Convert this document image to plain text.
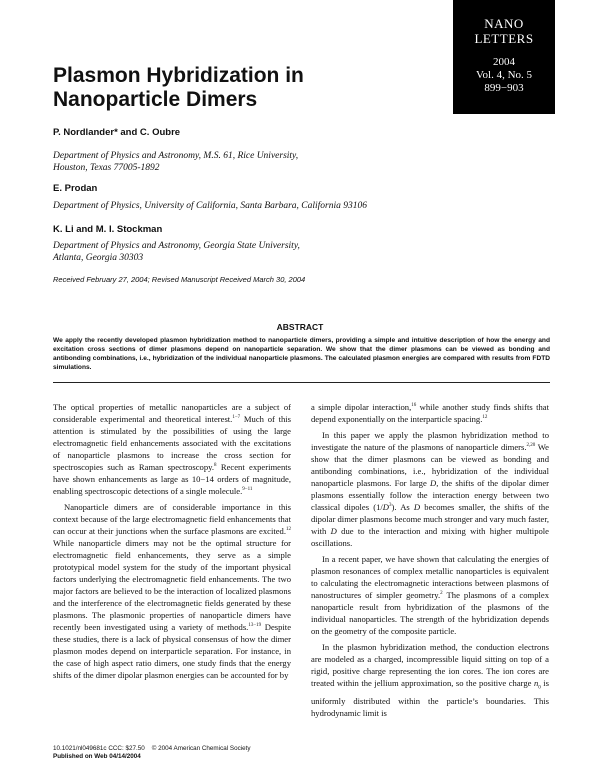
NANO
LETTERS
2004
Vol. 4, No. 5
899−903
Plasmon Hybridization in Nanoparticle Dimers
P. Nordlander* and C. Oubre
Department of Physics and Astronomy, M.S. 61, Rice University,
Houston, Texas 77005-1892
E. Prodan
Department of Physics, University of California, Santa Barbara, California 93106
K. Li and M. I. Stockman
Department of Physics and Astronomy, Georgia State University,
Atlanta, Georgia 30303
Received February 27, 2004; Revised Manuscript Received March 30, 2004
ABSTRACT
We apply the recently developed plasmon hybridization method to nanoparticle dimers, providing a simple and intuitive description of how the energy and excitation cross sections of dimer plasmons depend on nanoparticle separation. We show that the dimer plasmons can be viewed as bonding and antibonding combinations, i.e., hybridization of the individual nanoparticle plasmons. The calculated plasmon energies are compared with results from FDTD simulations.

The optical properties of metallic nanoparticles are a subject of considerable experimental and theoretical interest.$^{1-7}$ Much of this attention is stimulated by the possibilities of using the large electromagnetic field enhancements associated with the excitations of nanoparticle plasmons to increase the cross section for spectroscopies such as Raman spectroscopy.$^8$ Recent experiments have shown enhancements as large as 10−14 orders of magnitude, enabling spectroscopic detections of a single molecule.$^{9-11}$

Nanoparticle dimers are of considerable importance in this context because of the large electromagnetic field enhancements that can occur at their junctions when the surface plasmons are excited.$^{12}$ While nanoparticle dimers may not be the optimal structure for electromagnetic field enhancements, they serve as a simple prototypical model system for the study of the important physical factors underlying the electromagnetic field enhancements. The two major factors are believed to be the interaction of localized plasmons and the interference of the electromagnetic fields generated by these plasmons. The plasmonic properties of nanoparticle dimers have recently been investigated using a variety of methods.$^{13-19}$ Despite these studies, there is a lack of physical consensus of how the dimer plasmon modes depend on interparticle separation. For instance, in the case of high aspect ratio dimers, one study finds that the energy shifts of the dimer dipolar plasmon energies can be accounted for by

a simple dipolar interaction,$^{16}$ while another study finds shifts that depend exponentially on the interparticle spacing.$^{12}$

In this paper we apply the plasmon hybridization method to investigate the nature of the plasmons of nanoparticle dimers.$^{2,20}$ We show that the dimer plasmons can be viewed as bonding and antibonding combinations, i.e., hybridization of the individual nanoparticle plasmons. For large D, the shifts of the dipolar dimer plasmons essentially follow the interaction energy between two classical dipoles $(1/D^3)$. As D becomes smaller, the shifts of the dipolar dimer plasmons become much stronger and vary much faster, with D due to the interaction and mixing with higher multipole oscillations.

In a recent paper, we have shown that calculating the energies of plasmon resonances of complex metallic nanoparticles is equivalent to calculating the electromagnetic interactions between plasmons of nanostructures of simpler geometry.$^2$ The plasmons of a complex nanoparticle result from hybridization of the plasmons of the individual nanoparticles. The strength of the hybridization depends on the geometry of the composite particle.

In the plasmon hybridization method, the conduction electrons are modeled as a charged, incompressible liquid sitting on top of a rigid, positive charge representing the ion cores. The ion cores are treated within the jellium approximation, so the positive charge $n_0$ is uniformly distributed within the particle’s boundaries. This hydrodynamic limit is

10.1021/nl049681c CCC: $27.50 © 2004 American Chemical Society
Published on Web 04/14/2004
